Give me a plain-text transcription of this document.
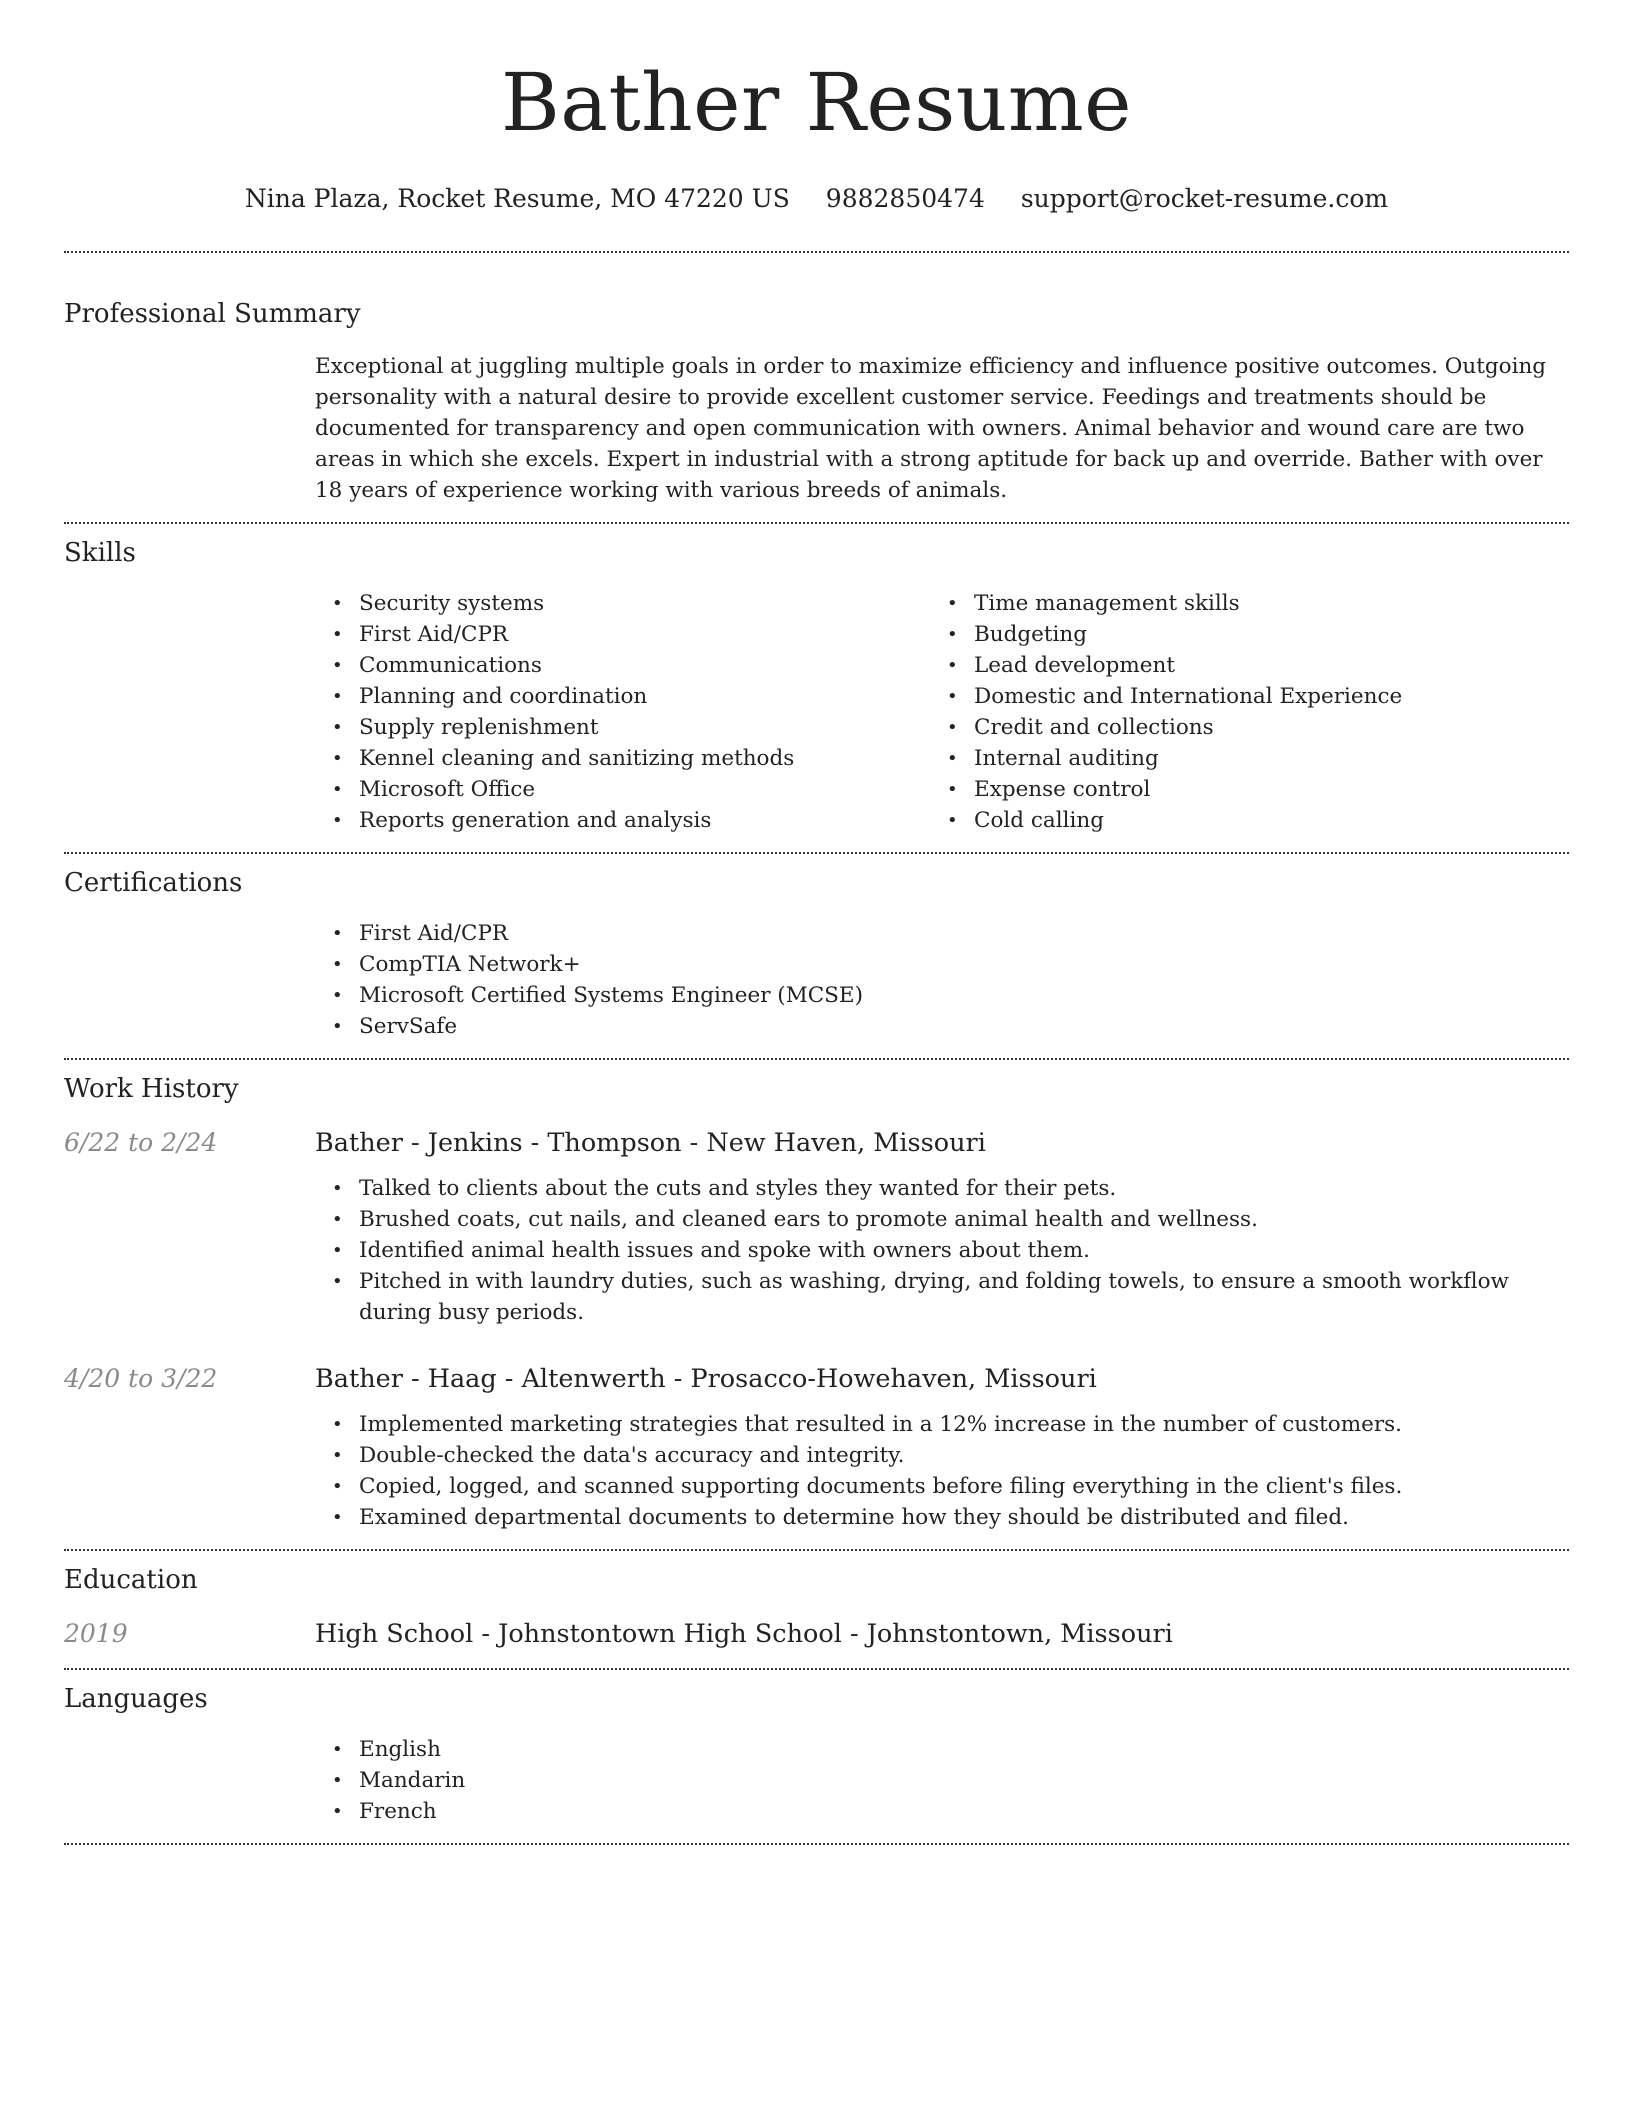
Bather Resume
Nina Plaza, Rocket Resume, MO 47220 US 9882850474 support@rocket-resume.com
Professional Summary

Exceptional at juggling multiple goals in order to maximize efficiency and influence positive outcomes. Outgoing personality with a natural desire to provide excellent customer service. Feedings and treatments should be documented for transparency and open communication with owners. Animal behavior and wound care are two areas in which she excels. Expert in industrial with a strong aptitude for back up and override. Bather with over 18 years of experience working with various breeds of animals.

Skills
• Security systems
• First Aid/CPR
• Communications
• Planning and coordination
• Supply replenishment
• Kennel cleaning and sanitizing methods
• Microsoft Office
• Reports generation and analysis
• Time management skills
• Budgeting
• Lead development
• Domestic and International Experience
• Credit and collections
• Internal auditing
• Expense control
• Cold calling
Certifications
• First Aid/CPR
• CompTIA Network+
• Microsoft Certified Systems Engineer (MCSE)
• ServSafe
Work History
6/22 to 2/24	Bather - Jenkins - Thompson - New Haven, Missouri
• Talked to clients about the cuts and styles they wanted for their pets.
• Brushed coats, cut nails, and cleaned ears to promote animal health and wellness.
• Identified animal health issues and spoke with owners about them.
• Pitched in with laundry duties, such as washing, drying, and folding towels, to ensure a smooth workflow during busy periods.
4/20 to 3/22	Bather - Haag - Altenwerth - Prosacco-Howehaven, Missouri
• Implemented marketing strategies that resulted in a 12% increase in the number of customers.
• Double-checked the data's accuracy and integrity.
• Copied, logged, and scanned supporting documents before filing everything in the client's files.
• Examined departmental documents to determine how they should be distributed and filed.
Education
2019	High School - Johnstontown High School - Johnstontown, Missouri
Languages
• English
• Mandarin
• French
